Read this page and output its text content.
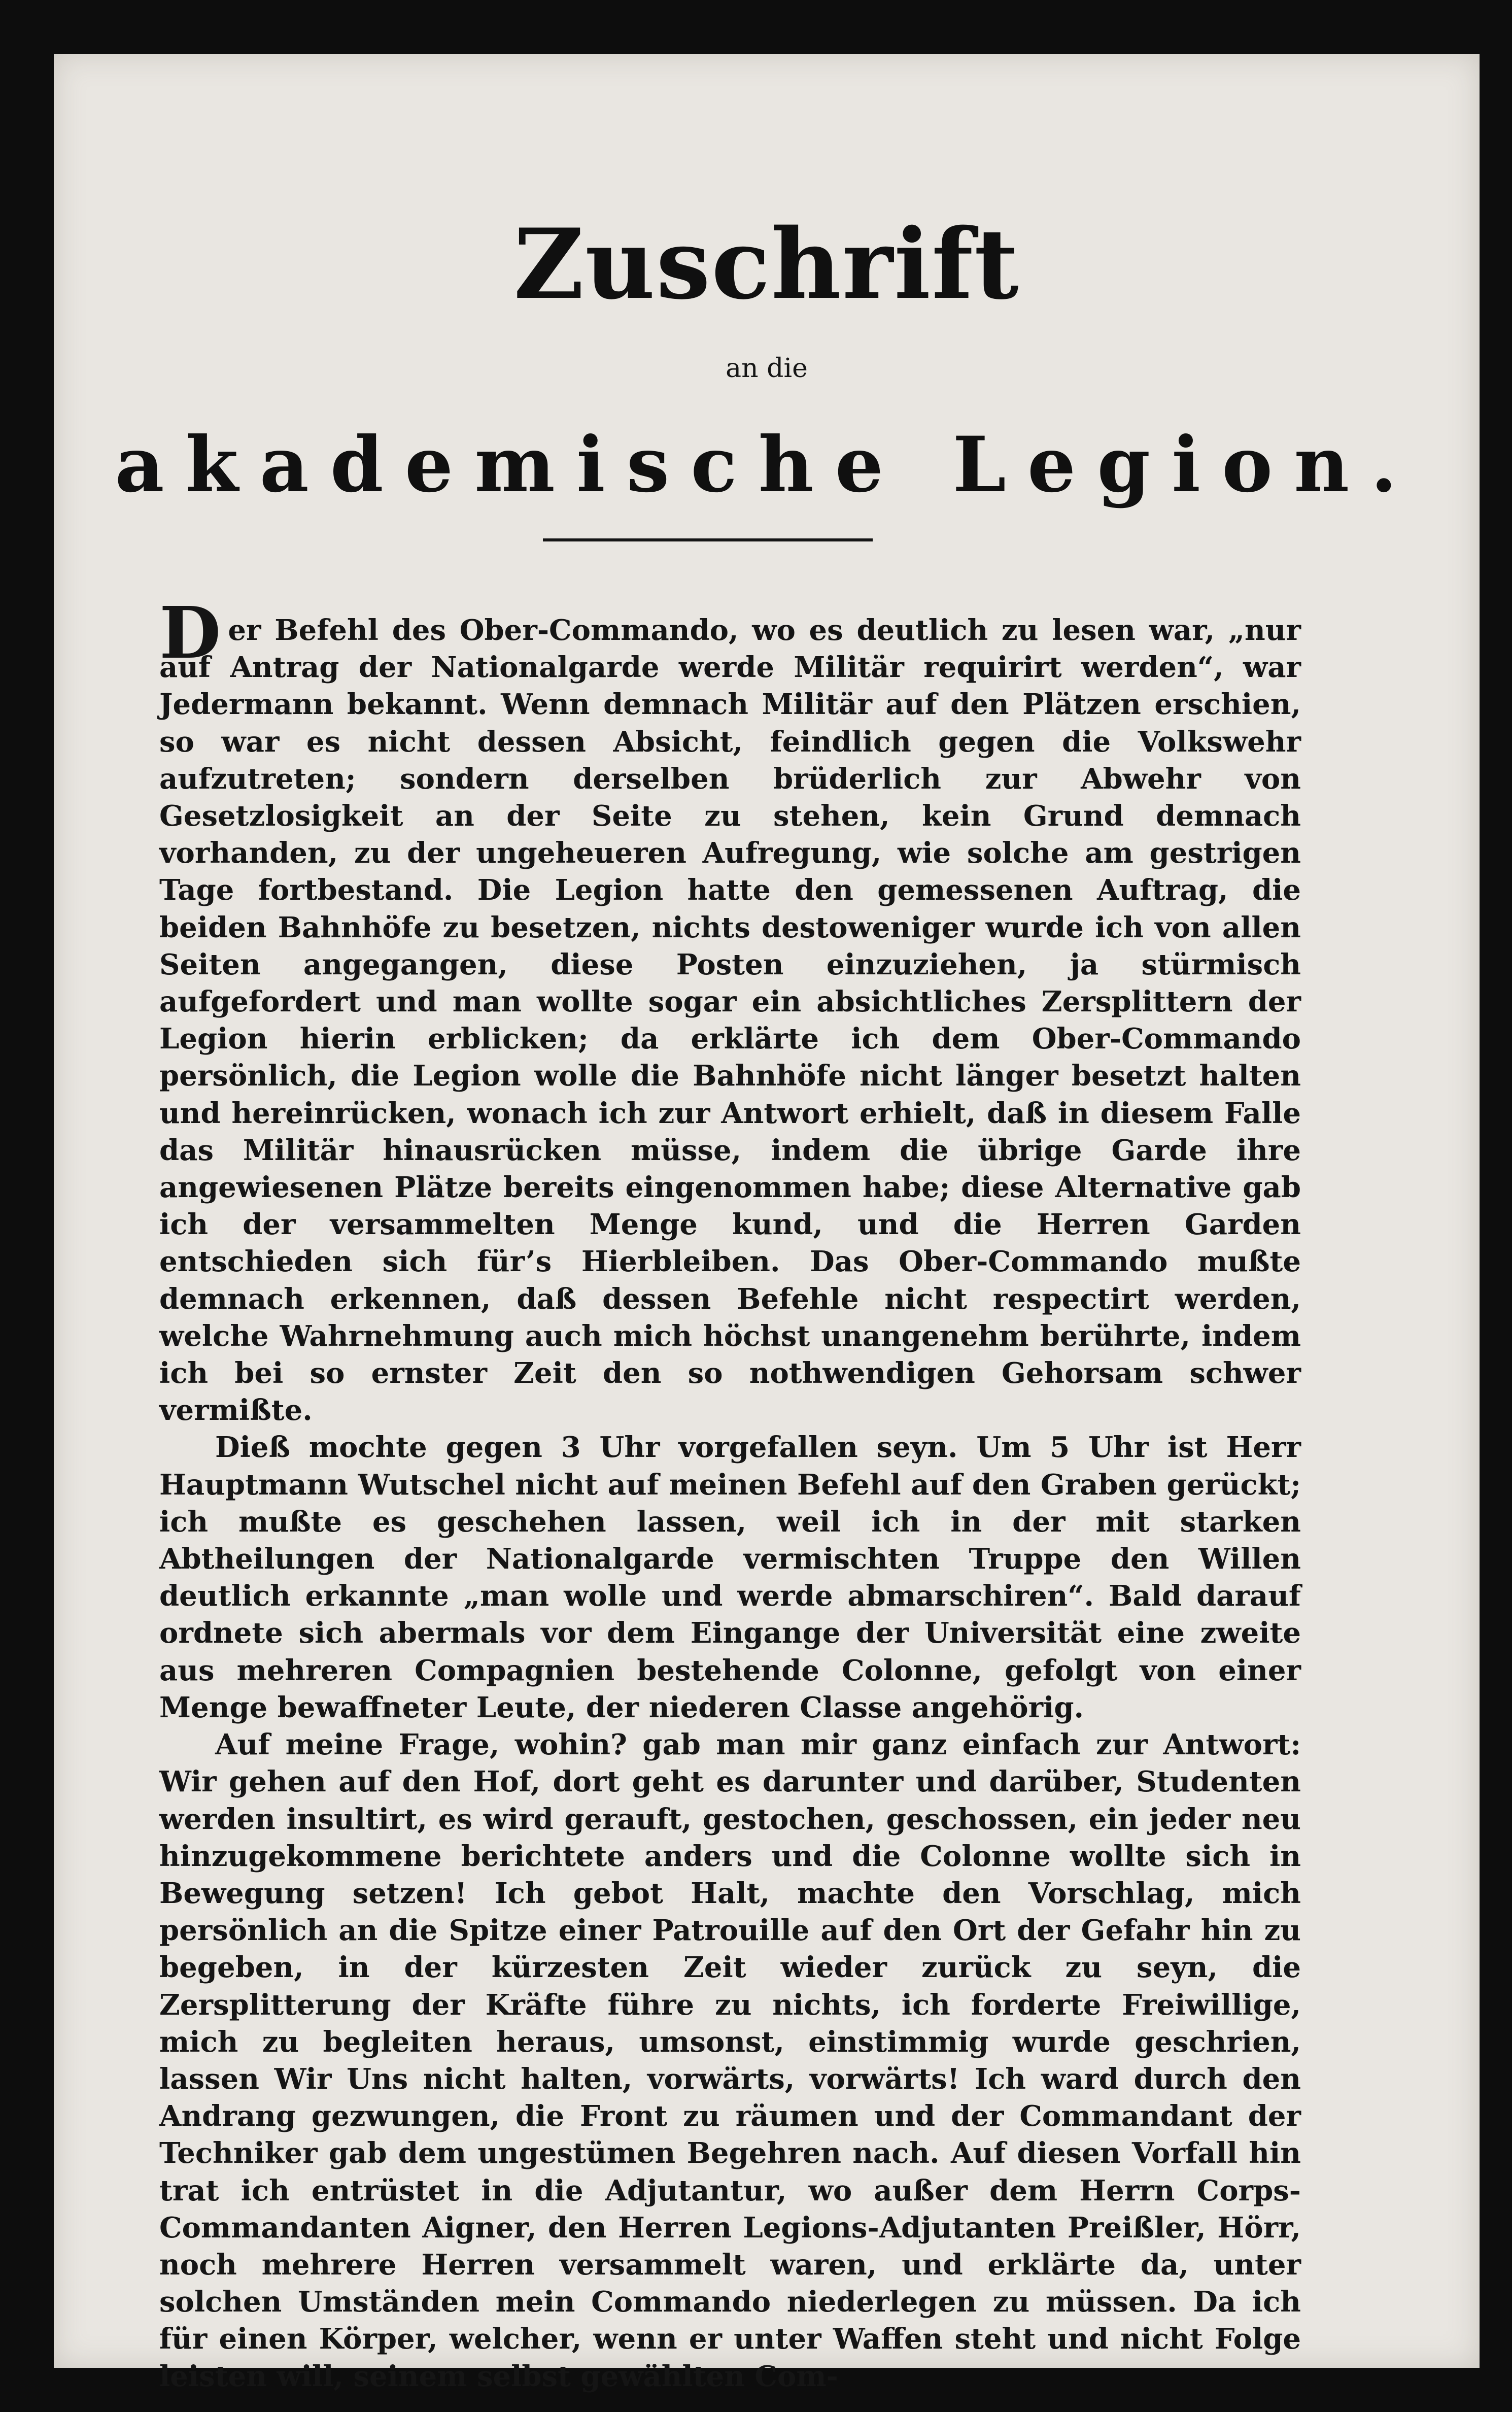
Zuschrift
an die
akademische Legion.

Der Befehl des Ober-Commando, wo es deutlich zu lesen war, „nur auf Antrag der Nationalgarde werde Militär requirirt werden“, war Jedermann bekannt. Wenn demnach Militär auf den Plätzen erschien, so war es nicht dessen Absicht, feindlich gegen die Volkswehr aufzutreten; sondern derselben brüderlich zur Abwehr von Gesetzlosigkeit an der Seite zu stehen, kein Grund demnach vorhanden, zu der ungeheueren Aufregung, wie solche am gestrigen Tage fortbestand. Die Legion hatte den gemessenen Auftrag, die beiden Bahnhöfe zu besetzen, nichts destoweniger wurde ich von allen Seiten angegangen, diese Posten einzuziehen, ja stürmisch aufgefordert und man wollte sogar ein absichtliches Zersplittern der Legion hierin erblicken; da erklärte ich dem Ober-Commando persönlich, die Legion wolle die Bahnhöfe nicht länger besetzt halten und hereinrücken, wonach ich zur Antwort erhielt, daß in diesem Falle das Militär hinausrücken müsse, indem die übrige Garde ihre angewiesenen Plätze bereits eingenommen habe; diese Alternative gab ich der versammelten Menge kund, und die Herren Garden entschieden sich für’s Hierbleiben. Das Ober-Commando mußte demnach erkennen, daß dessen Befehle nicht respectirt werden, welche Wahrnehmung auch mich höchst unangenehm berührte, indem ich bei so ernster Zeit den so nothwendigen Gehorsam schwer vermißte.

Dieß mochte gegen 3 Uhr vorgefallen seyn. Um 5 Uhr ist Herr Hauptmann Wutschel nicht auf meinen Befehl auf den Graben gerückt; ich mußte es geschehen lassen, weil ich in der mit starken Abtheilungen der Nationalgarde vermischten Truppe den Willen deutlich erkannte „man wolle und werde abmarschiren“. Bald darauf ordnete sich abermals vor dem Eingange der Universität eine zweite aus mehreren Compagnien bestehende Colonne, gefolgt von einer Menge bewaffneter Leute, der niederen Classe angehörig.

Auf meine Frage, wohin? gab man mir ganz einfach zur Antwort: Wir gehen auf den Hof, dort geht es darunter und darüber, Studenten werden insultirt, es wird gerauft, gestochen, geschossen, ein jeder neu hinzugekommene berichtete anders und die Colonne wollte sich in Bewegung setzen! Ich gebot Halt, machte den Vorschlag, mich persönlich an die Spitze einer Patrouille auf den Ort der Gefahr hin zu begeben, in der kürzesten Zeit wieder zurück zu seyn, die Zersplitterung der Kräfte führe zu nichts, ich forderte Freiwillige, mich zu begleiten heraus, umsonst, einstimmig wurde geschrien, lassen Wir Uns nicht halten, vorwärts, vorwärts! Ich ward durch den Andrang gezwungen, die Front zu räumen und der Commandant der Techniker gab dem ungestümen Begehren nach. Auf diesen Vorfall hin trat ich entrüstet in die Adjutantur, wo außer dem Herrn Corps-Commandanten Aigner, den Herren Legions-Adjutanten Preißler, Hörr, noch mehrere Herren versammelt waren, und erklärte da, unter solchen Umständen mein Commando niederlegen zu müssen. Da ich für einen Körper, welcher, wenn er unter Waffen steht und nicht Folge leisten will, seinem selbst gewählten Com-
